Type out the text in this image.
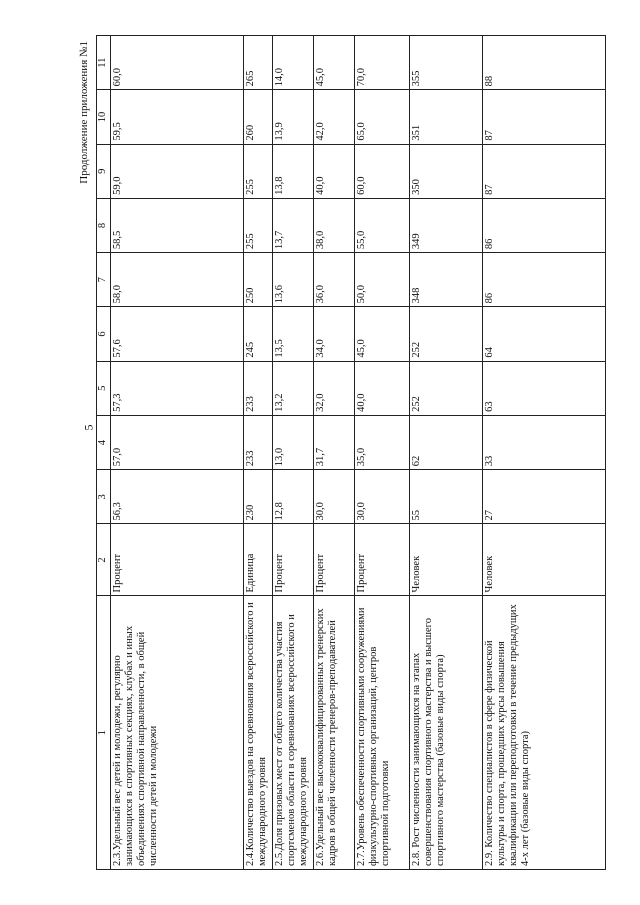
5
Продолжение приложения №1
1	2	3	4	5	6	7	8	9	10	11
2.3.Удельный вес детей и молодежи, регулярно занимающихся в спортивных секциях, клубах и иных объединениях спортивной направленности, в общей численности детей и молодежи	Процент	56,3	57,0	57,3	57,6	58,0	58,5	59,0	59,5	60,0
2.4.Количество выездов на соревнования всероссийского и международного уровня	Единица	230	233	233	245	250	255	255	260	265
2.5.Доля призовых мест от общего количества участия спортсменов области в соревнованиях всероссийского и международного уровня	Процент	12,8	13,0	13,2	13,5	13,6	13,7	13,8	13,9	14,0
2.6.Удельный вес высококвалифицированных тренерских кадров в общей численности тренеров-преподавателей	Процент	30,0	31,7	32,0	34,0	36,0	38,0	40,0	42,0	45,0
2.7.Уровень обеспеченности спортивными сооружениями физкультурно-спортивных организаций, центров спортивной подготовки	Процент	30,0	35,0	40,0	45,0	50,0	55,0	60,0	65,0	70,0
2.8. Рост численности занимающихся на этапах совершенствования спортивного мастерства и высшего спортивного мастерства (базовые виды спорта)	Человек	55	62	252	252	348	349	350	351	355
2.9. Количество специалистов в сфере физической культуры и спорта, прошедших курсы повышения квалификации или переподготовки в течение предыдущих 4-х лет (базовые виды спорта)	Человек	27	33	63	64	86	86	87	87	88
